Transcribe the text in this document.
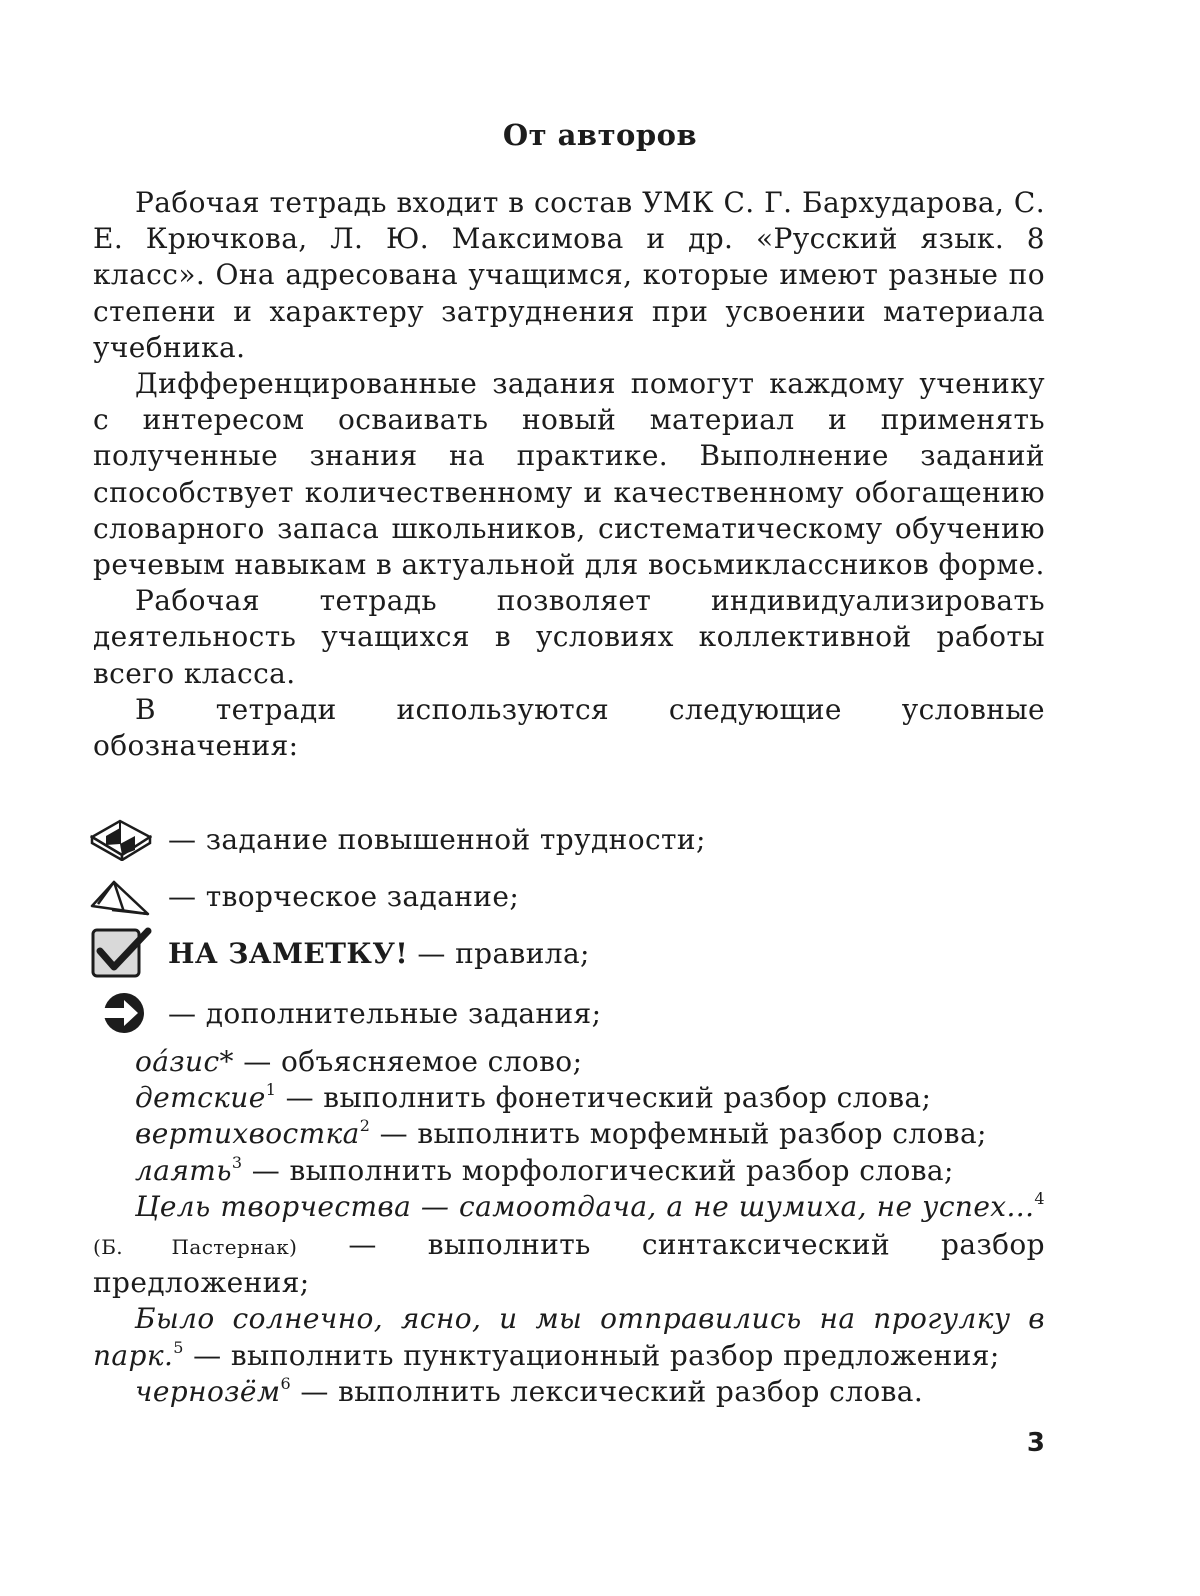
От авторов

Рабочая тетрадь входит в состав УМК С. Г. Бархударова, С. Е. Крючкова, Л. Ю. Максимова и др. «Русский язык. 8 класс». Она адресована учащимся, которые имеют разные по степени и характеру затруднения при усвоении материала учебника.

Дифференцированные задания помогут каждому ученику с интересом осваивать новый материал и применять полученные знания на практике. Выполнение заданий способствует количественному и качественному обогащению словарного запаса школьников, систематическому обучению речевым навыкам в актуальной для восьмиклассников форме.

Рабочая тетрадь позволяет индивидуализировать деятельность учащихся в условиях коллективной работы всего класса.

В тетради используются следующие условные обозначения:

— задание повышенной трудности;
— творческое задание;
НА ЗАМЕТКУ! — правила;
— дополнительные задания;

оáзис* — объясняемое слово;

детские$^1$ — выполнить фонетический разбор слова;

вертихвостка$^2$ — выполнить морфемный разбор слова;

лаять$^3$ — выполнить морфологический разбор слова;

Цель творчества — самоотдача, а не шумиха, не успех...$^4$ (Б. Пастернак) — выполнить синтаксический разбор предложения;

Было солнечно, ясно, и мы отправились на прогулку в парк.$^5$ — выполнить пунктуационный разбор предложения;

чернозём$^6$ — выполнить лексический разбор слова.

3
